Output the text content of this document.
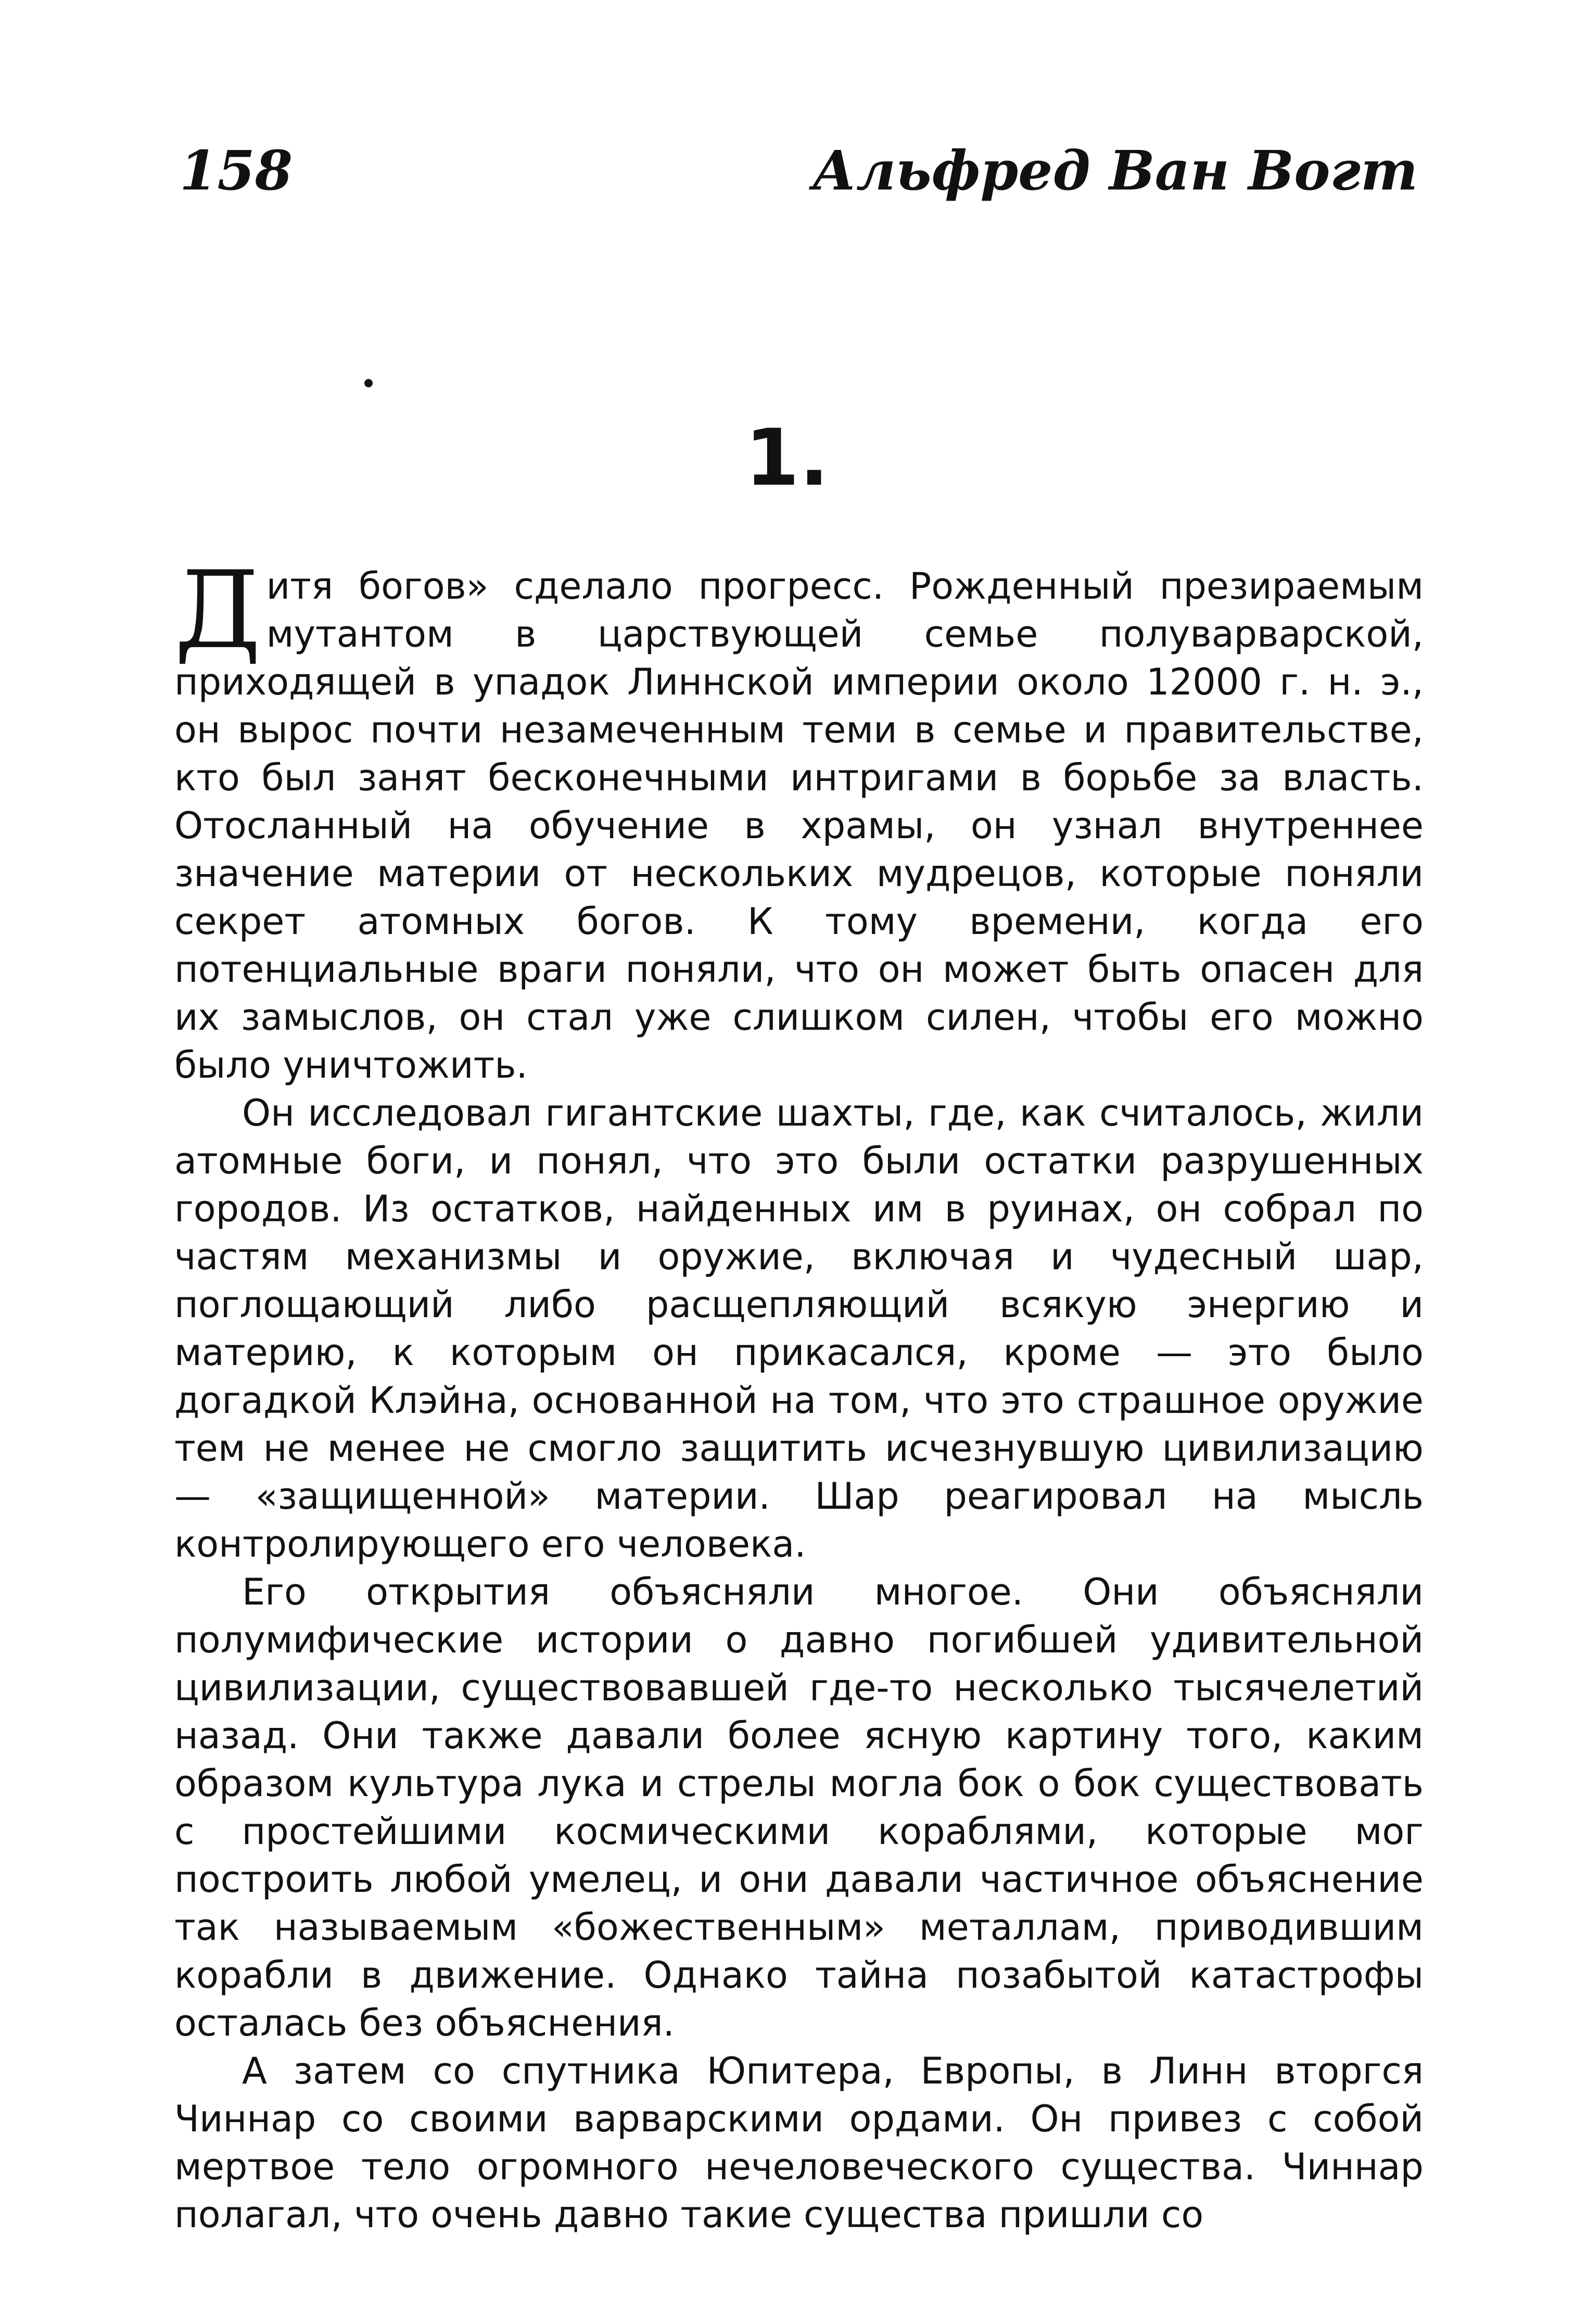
158	Альфред Ван Вогт
1.

Дитя богов» сделало прогресс. Рожденный презираемым мутантом в царствующей семье полуварварской, приходящей в упадок Линнской империи около 12000 г. н. э., он вырос почти незамеченным теми в семье и правительстве, кто был занят бесконечными интригами в борьбе за власть. Отосланный на обучение в храмы, он узнал внутреннее значение материи от нескольких мудрецов, которые поняли секрет атомных богов. К тому времени, когда его потенциальные враги поняли, что он может быть опасен для их замыслов, он стал уже слишком силен, чтобы его можно было уничтожить.

Он исследовал гигантские шахты, где, как считалось, жили атомные боги, и понял, что это были остатки разрушенных городов. Из остатков, найденных им в руинах, он собрал по частям механизмы и оружие, включая и чудесный шар, поглощающий либо расщепляющий всякую энергию и материю, к которым он прикасался, кроме — это было догадкой Клэйна, основанной на том, что это страшное оружие тем не менее не смогло защитить исчезнувшую цивилизацию — «защищенной» материи. Шар реагировал на мысль контролирующего его человека.

Его открытия объясняли многое. Они объясняли полумифические истории о давно погибшей удивительной цивилизации, существовавшей где-то несколько тысячелетий назад. Они также давали более ясную картину того, каким образом культура лука и стрелы могла бок о бок существовать с простейшими космическими кораблями, которые мог построить любой умелец, и они давали частичное объяснение так называемым «божественным» металлам, приводившим корабли в движение. Однако тайна позабытой катастрофы осталась без объяснения.

А затем со спутника Юпитера, Европы, в Линн вторгся Чиннар со своими варварскими ордами. Он привез с собой мертвое тело огромного нечеловеческого существа. Чиннар полагал, что очень давно такие существа пришли со
